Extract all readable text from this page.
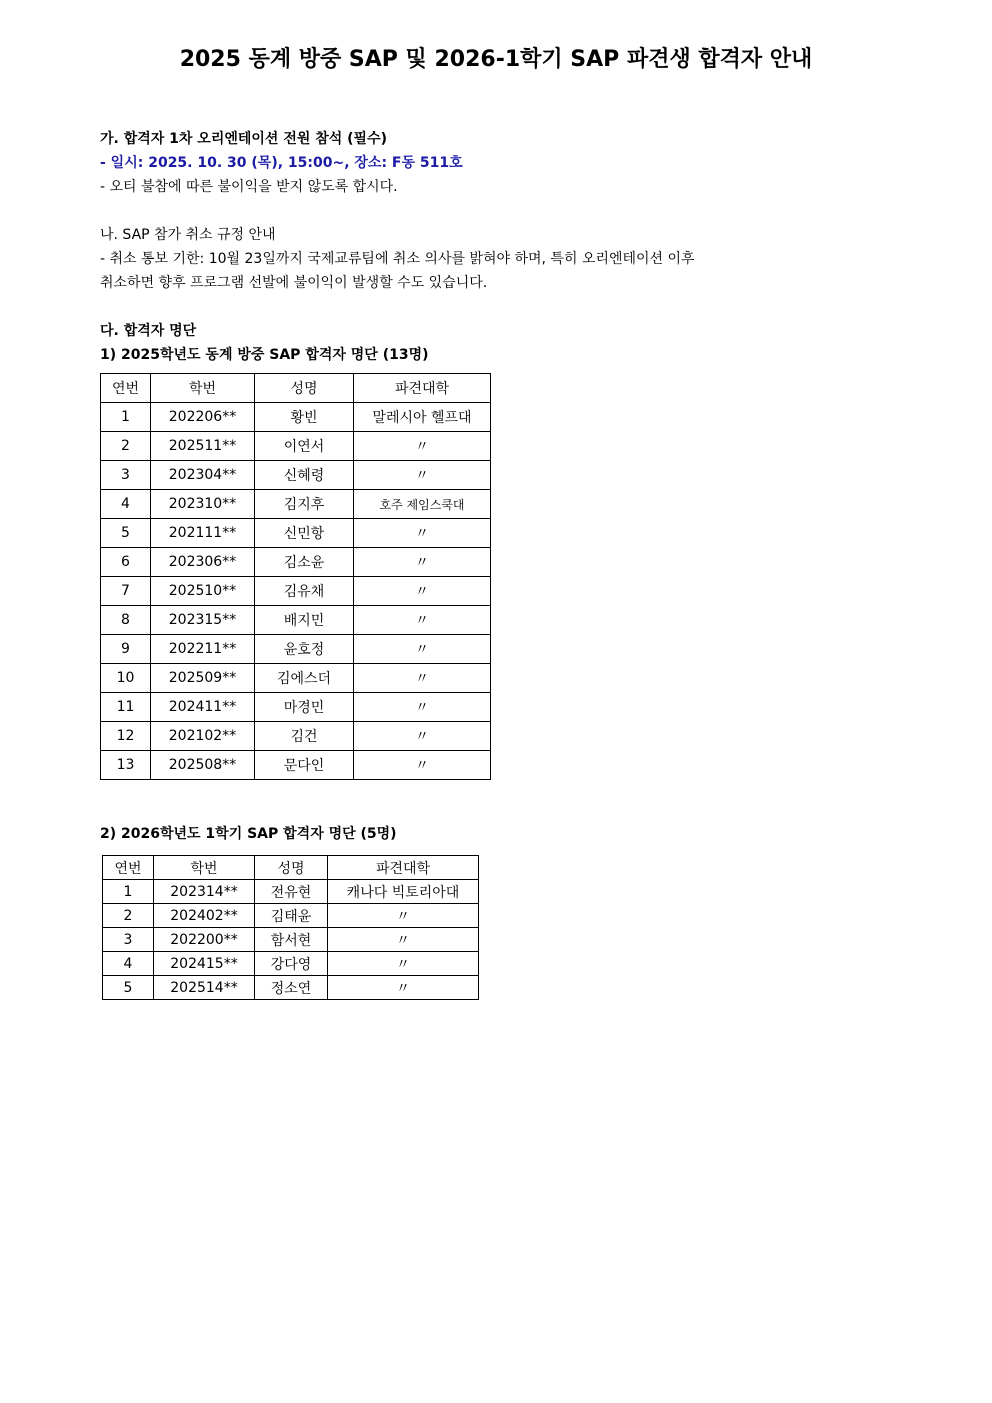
2025 동계 방중 SAP 및 2026-1학기 SAP 파견생 합격자 안내
가. 합격자 1차 오리엔테이션 전원 참석 (필수)
- 일시: 2025. 10. 30 (목), 15:00~, 장소: F동 511호
- 오티 불참에 따른 불이익을 받지 않도록 합시다.
나. SAP 참가 취소 규정 안내
- 취소 통보 기한: 10월 23일까지 국제교류팀에 취소 의사를 밝혀야 하며, 특히 오리엔테이션 이후
취소하면 향후 프로그램 선발에 불이익이 발생할 수도 있습니다.
다. 합격자 명단
1) 2025학년도 동계 방중 SAP 합격자 명단 (13명)
연번	학번	성명	파견대학
1	202206**	황빈	말레시아 헬프대
2	202511**	이연서	〃
3	202304**	신혜령	〃
4	202310**	김지후	호주 제임스쿡대
5	202111**	신민항	〃
6	202306**	김소윤	〃
7	202510**	김유채	〃
8	202315**	배지민	〃
9	202211**	윤호정	〃
10	202509**	김에스더	〃
11	202411**	마경민	〃
12	202102**	김건	〃
13	202508**	문다인	〃
2) 2026학년도 1학기 SAP 합격자 명단 (5명)
연번	학번	성명	파견대학
1	202314**	전유현	캐나다 빅토리아대
2	202402**	김태윤	〃
3	202200**	함서현	〃
4	202415**	강다영	〃
5	202514**	정소연	〃
